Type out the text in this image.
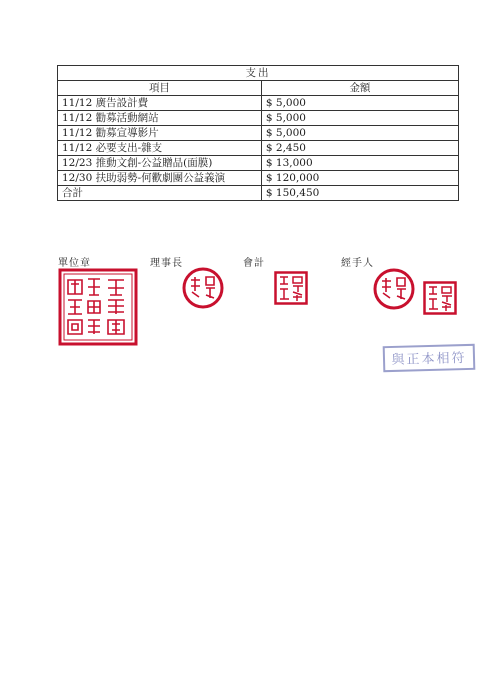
支出	
項目	金額
11/12 廣告設計費	$ 5,000
11/12 勸募活動網站	$ 5,000
11/12 勸募宣導影片	$ 5,000
11/12 必要支出-雜支	$ 2,450
12/23 推動文創-公益贈品(面膜)	$ 13,000
12/30 扶助弱勢-何歡劇團公益義演	$ 120,000
合計	$ 150,450
單位章	理事長	會計	經手人
與正本相符
